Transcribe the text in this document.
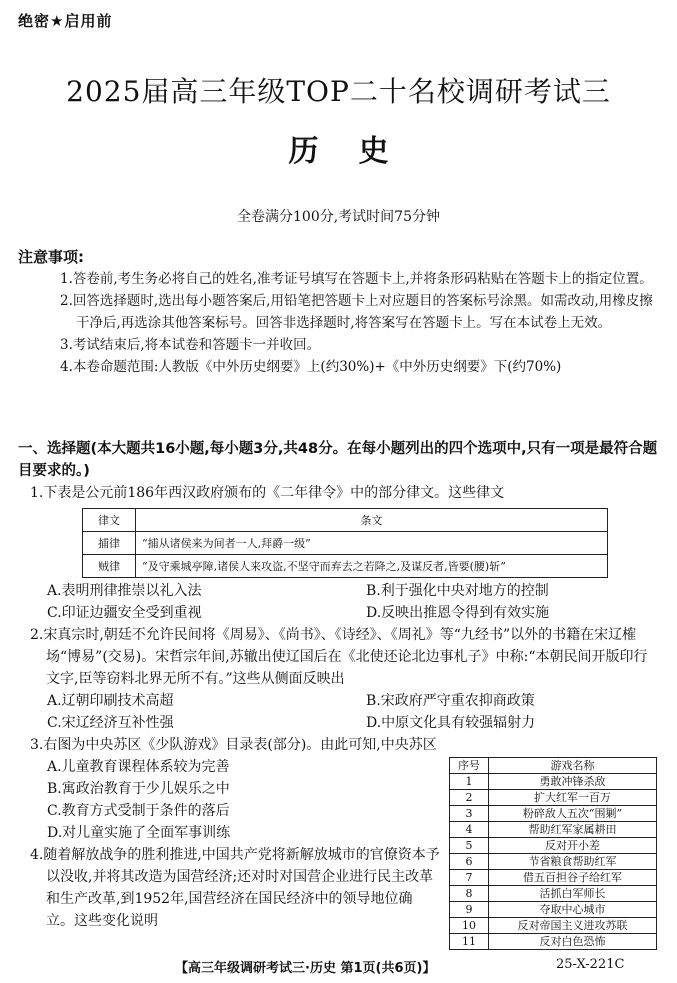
绝密★启用前
2025届高三年级TOP二十名校调研考试三
历史
全卷满分100分,考试时间75分钟
注意事项:
1.答卷前,考生务必将自己的姓名,准考证号填写在答题卡上,并将条形码粘贴在答题卡上的指定位置。
2.回答选择题时,选出每小题答案后,用铅笔把答题卡上对应题目的答案标号涂黑。如需改动,用橡皮擦干净后,再选涂其他答案标号。回答非选择题时,将答案写在答题卡上。写在本试卷上无效。
3.考试结束后,将本试卷和答题卡一并收回。
4.本卷命题范围:人教版《中外历史纲要》上(约30%)+《中外历史纲要》下(约70%)
一、选择题(本大题共16小题,每小题3分,共48分。在每小题列出的四个选项中,只有一项是最符合题目要求的。)
1.下表是公元前186年西汉政府颁布的《二年律令》中的部分律文。这些律文
律文	条文
捕律	“捕从诸侯来为间者一人,拜爵一级”
贼律	“及守乘城亭障,诸侯人来攻盗,不坚守而弃去之若降之,及谋反者,皆要(腰)斩”
A.表明刑律推崇以礼入法	B.利于强化中央对地方的控制
C.印证边疆安全受到重视	D.反映出推恩令得到有效实施
2.宋真宗时,朝廷不允许民间将《周易》、《尚书》、《诗经》、《周礼》等“九经书”以外的书籍在宋辽榷场“博易”(交易)。宋哲宗年间,苏辙出使辽国后在《北使还论北边事札子》中称:“本朝民间开版印行文字,臣等窃料北界无所不有。”这些从侧面反映出
A.辽朝印刷技术高超	B.宋政府严守重农抑商政策
C.宋辽经济互补性强	D.中原文化具有较强辐射力
3.右图为中央苏区《少队游戏》目录表(部分)。由此可知,中央苏区
A.儿童教育课程体系较为完善
B.寓政治教育于少儿娱乐之中
C.教育方式受制于条件的落后
D.对儿童实施了全面军事训练
序号	游戏名称
1	勇敢冲锋杀敌
2	扩大红军一百万
3	粉碎敌人五次“围剿”
4	帮助红军家属耕田
5	反对开小差
6	节省粮食帮助红军
7	借五百担谷子给红军
8	活抓白军师长
9	夺取中心城市
10	反对帝国主义进攻苏联
11	反对白色恐怖
4.随着解放战争的胜利推进,中国共产党将新解放城市的官僚资本予以没收,并将其改造为国营经济;还对时对国营企业进行民主改革和生产改革,到1952年,国营经济在国民经济中的领导地位确立。这些变化说明
【高三年级调研考试三·历史 第1页(共6页)】	25-X-221C
